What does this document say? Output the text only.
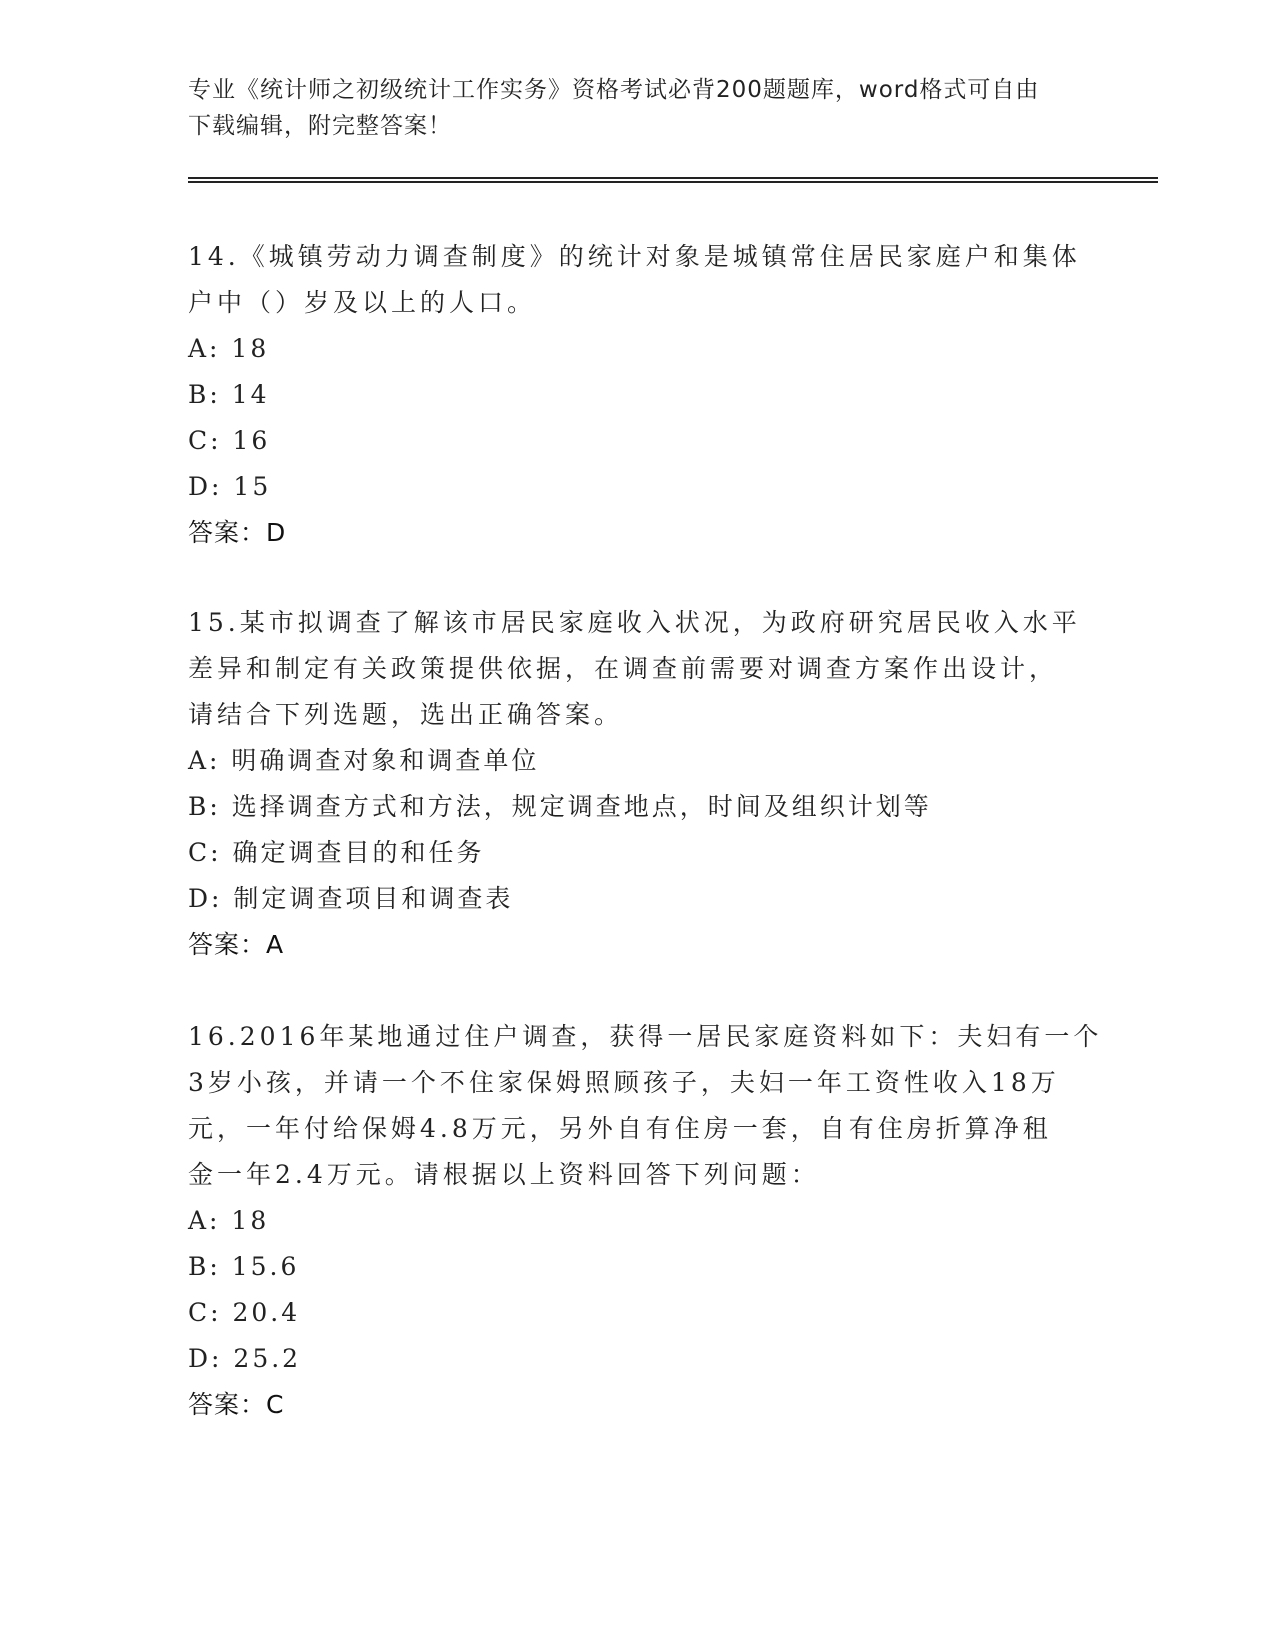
专业《统计师之初级统计工作实务》资格考试必背200题题库，word格式可自由
下载编辑，附完整答案！
14.《城镇劳动力调查制度》的统计对象是城镇常住居民家庭户和集体
户中（）岁及以上的人口。
A: 18
B: 14
C: 16
D: 15
答案：D
15.某市拟调查了解该市居民家庭收入状况，为政府研究居民收入水平
差异和制定有关政策提供依据，在调查前需要对调查方案作出设计，
请结合下列选题，选出正确答案。
A: 明确调查对象和调查单位
B: 选择调查方式和方法，规定调查地点，时间及组织计划等
C: 确定调查目的和任务
D: 制定调查项目和调查表
答案：A
16.2016年某地通过住户调查，获得一居民家庭资料如下：夫妇有一个
3岁小孩，并请一个不住家保姆照顾孩子，夫妇一年工资性收入18万
元，一年付给保姆4.8万元，另外自有住房一套，自有住房折算净租
金一年2.4万元。请根据以上资料回答下列问题：
A: 18
B: 15.6
C: 20.4
D: 25.2
答案：C
